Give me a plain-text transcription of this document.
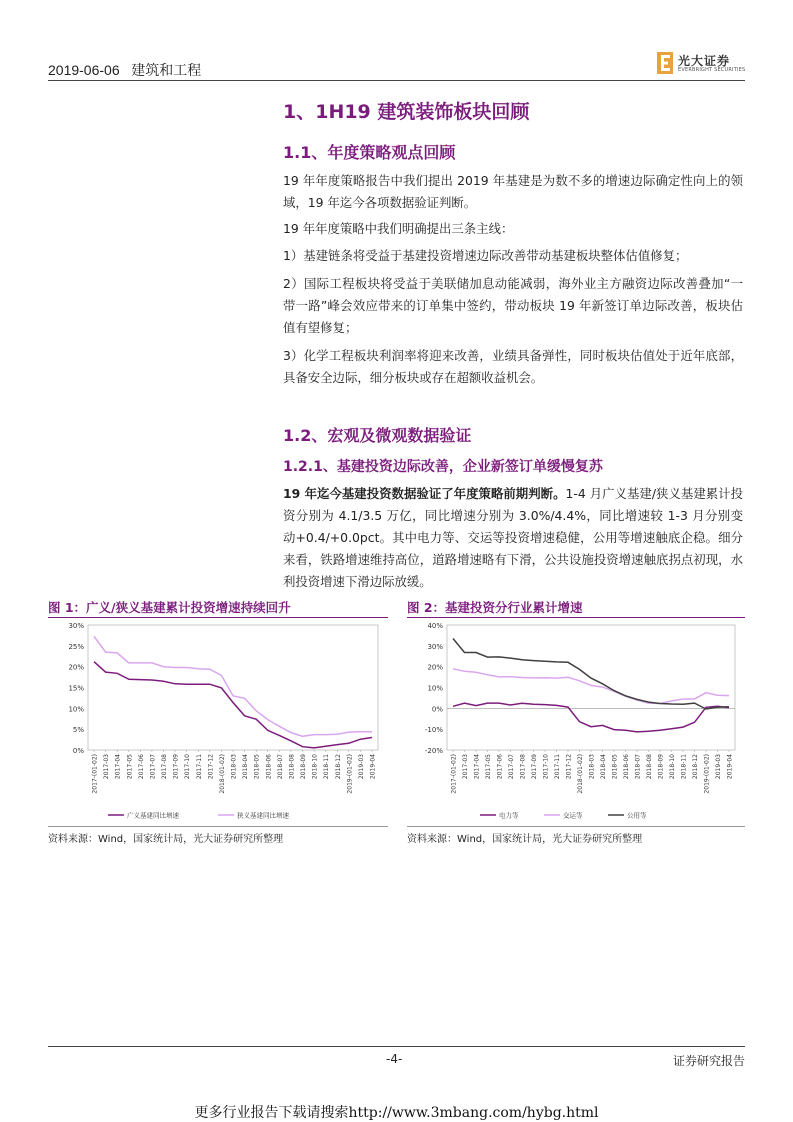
2019-06-06 建筑和工程
光大证券
EVERBRIGHT SECURITIES
1、1H19 建筑装饰板块回顾
1.1、年度策略观点回顾

19 年年度策略报告中我们提出 2019 年基建是为数不多的增速边际确定性向上的领域，19 年迄今各项数据验证判断。

19 年年度策略中我们明确提出三条主线：

1）基建链条将受益于基建投资增速边际改善带动基建板块整体估值修复；

2）国际工程板块将受益于美联储加息动能减弱，海外业主方融资边际改善叠加“一带一路”峰会效应带来的订单集中签约，带动板块 19 年新签订单边际改善，板块估值有望修复；

3）化学工程板块利润率将迎来改善，业绩具备弹性，同时板块估值处于近年底部，具备安全边际，细分板块或存在超额收益机会。

1.2、宏观及微观数据验证
1.2.1、基建投资边际改善，企业新签订单缓慢复苏

19 年迄今基建投资数据验证了年度策略前期判断。1-4 月广义基建/狭义基建累计投资分别为 4.1/3.5 万亿，同比增速分别为 3.0%/4.4%，同比增速较 1-3 月分别变动+0.4/+0.0pct。其中电力等、交运等投资增速稳健，公用等增速触底企稳。细分来看，铁路增速维持高位，道路增速略有下滑，公共设施投资增速触底拐点初现，水利投资增速下滑边际放缓。

图 1：广义/狭义基建累计投资增速持续回升	图 2：基建投资分行业累计增速
0%
5%
10%
15%
20%
25%
30%
2017-(01-02) 2017-03 2017-04 2017-05 2017-06 2017-07 2017-08 2017-09 2017-10 2017-11 2017-12 2018-(01-02) 2018-03 2018-04 2018-05 2018-06 2018-07 2018-08 2018-09 2018-10 2018-11 2018-12 2019-(01-02) 2019-03 2019-04
广义基建同比增速	狭义基建同比增速
-20%
-10%
0%
10%
20%
30%
40%
2017-(01-02) 2017-03 2017-04 2017-05 2017-06 2017-07 2017-08 2017-09 2017-10 2017-11 2017-12 2018-(01-02) 2018-03 2018-04 2018-05 2018-06 2018-07 2018-08 2018-09 2018-10 2018-11 2018-12 2019-(01-02) 2019-03 2019-04
电力等	交运等	公用等
资料来源：Wind，国家统计局，光大证券研究所整理	资料来源：Wind，国家统计局，光大证券研究所整理
-4-	证券研究报告
更多行业报告下载请搜索http://www.3mbang.com/hybg.html
